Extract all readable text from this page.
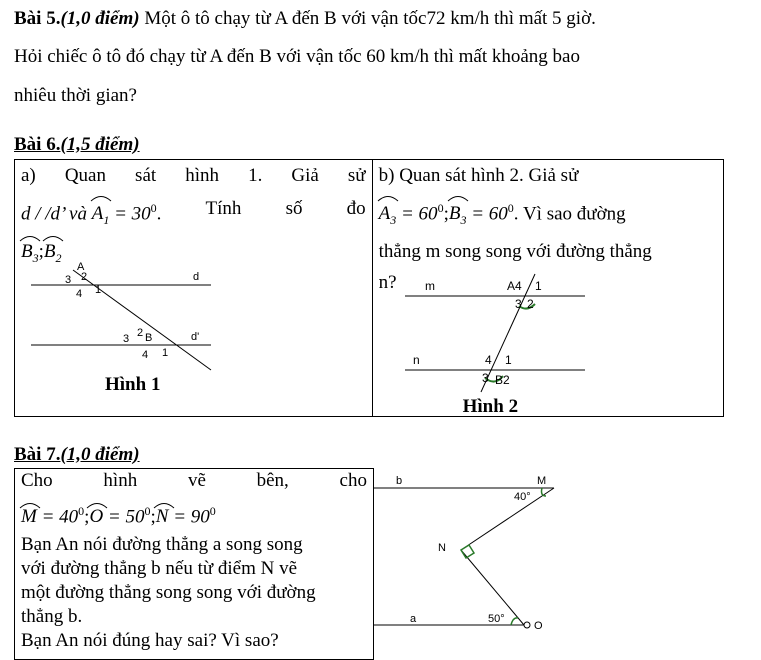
Bài 5.(1,0 điểm) Một ô tô chạy từ A đến B với vận tốc72 km/h thì mất 5 giờ.
Hỏi chiếc ô tô đó chạy từ A đến B với vận tốc 60 km/h thì mất khoảng bao
nhiêu thời gian?
Bài 6.(1,5 điểm)
a) Quan sát hình 1. Giả sử
d / /d’ và
$A_1 = 30^0$. Tính số đo
$B_3$;
$B_2$
A
3 2
4 1
d
B
3 2
4 1
d'
Hình 1

b) Quan sát hình 2. Giả sử
$A_3 = 60^0$;
$B_3 = 60^0$. Vì sao đường
thẳng m song song với đường thẳng
n?	m	A4 1
3 2
n	4 1
3 B2
Hình 2
Bài 7.(1,0 điểm)
Cho	hình	vẽ	bên,	cho
$M = 40^0$;
$O = 50^0$;
$N = 90^0$
Bạn An nói đường thẳng a song song
với đường thẳng b nếu từ điểm N vẽ
một đường thẳng song song với đường
thẳng b.
Bạn An nói đúng hay sai? Vì sao?
b	M
40°
N
a	50°
O
